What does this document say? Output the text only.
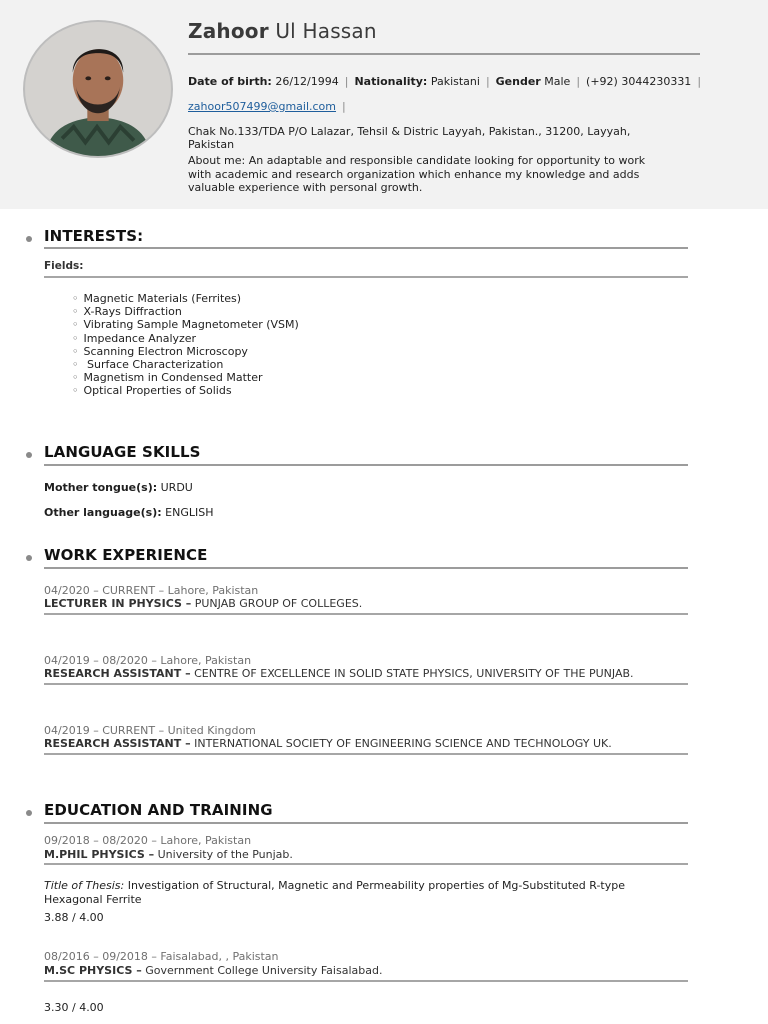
Zahoor Ul Hassan
Date of birth: 26/12/1994 | Nationality: Pakistani | Gender Male | (+92) 3044230331 |
zahoor507499@gmail.com |
Chak No.133/TDA P/O Lalazar, Tehsil & Distric Layyah, Pakistan., 31200, Layyah, Pakistan
About me: An adaptable and responsible candidate looking for opportunity to work with academic and research organization which enhance my knowledge and adds valuable experience with personal growth.
INTERESTS:
Fields:
◦ Magnetic Materials (Ferrites)
◦ X-Rays Diffraction
◦ Vibrating Sample Magnetometer (VSM)
◦ Impedance Analyzer
◦ Scanning Electron Microscopy
◦  Surface Characterization
◦ Magnetism in Condensed Matter
◦ Optical Properties of Solids
LANGUAGE SKILLS
Mother tongue(s): URDU
Other language(s): ENGLISH
WORK EXPERIENCE
04/2020 – CURRENT – Lahore, Pakistan
LECTURER IN PHYSICS – PUNJAB GROUP OF COLLEGES.
04/2019 – 08/2020 – Lahore, Pakistan
RESEARCH ASSISTANT – CENTRE OF EXCELLENCE IN SOLID STATE PHYSICS, UNIVERSITY OF THE PUNJAB.
04/2019 – CURRENT – United Kingdom
RESEARCH ASSISTANT – INTERNATIONAL SOCIETY OF ENGINEERING SCIENCE AND TECHNOLOGY UK.
EDUCATION AND TRAINING
09/2018 – 08/2020 – Lahore, Pakistan
M.PHIL PHYSICS – University of the Punjab.
Title of Thesis: Investigation of Structural, Magnetic and Permeability properties of Mg-Substituted R-type Hexagonal Ferrite
3.88 / 4.00
08/2016 – 09/2018 – Faisalabad, , Pakistan
M.SC PHYSICS – Government College University Faisalabad.
3.30 / 4.00
